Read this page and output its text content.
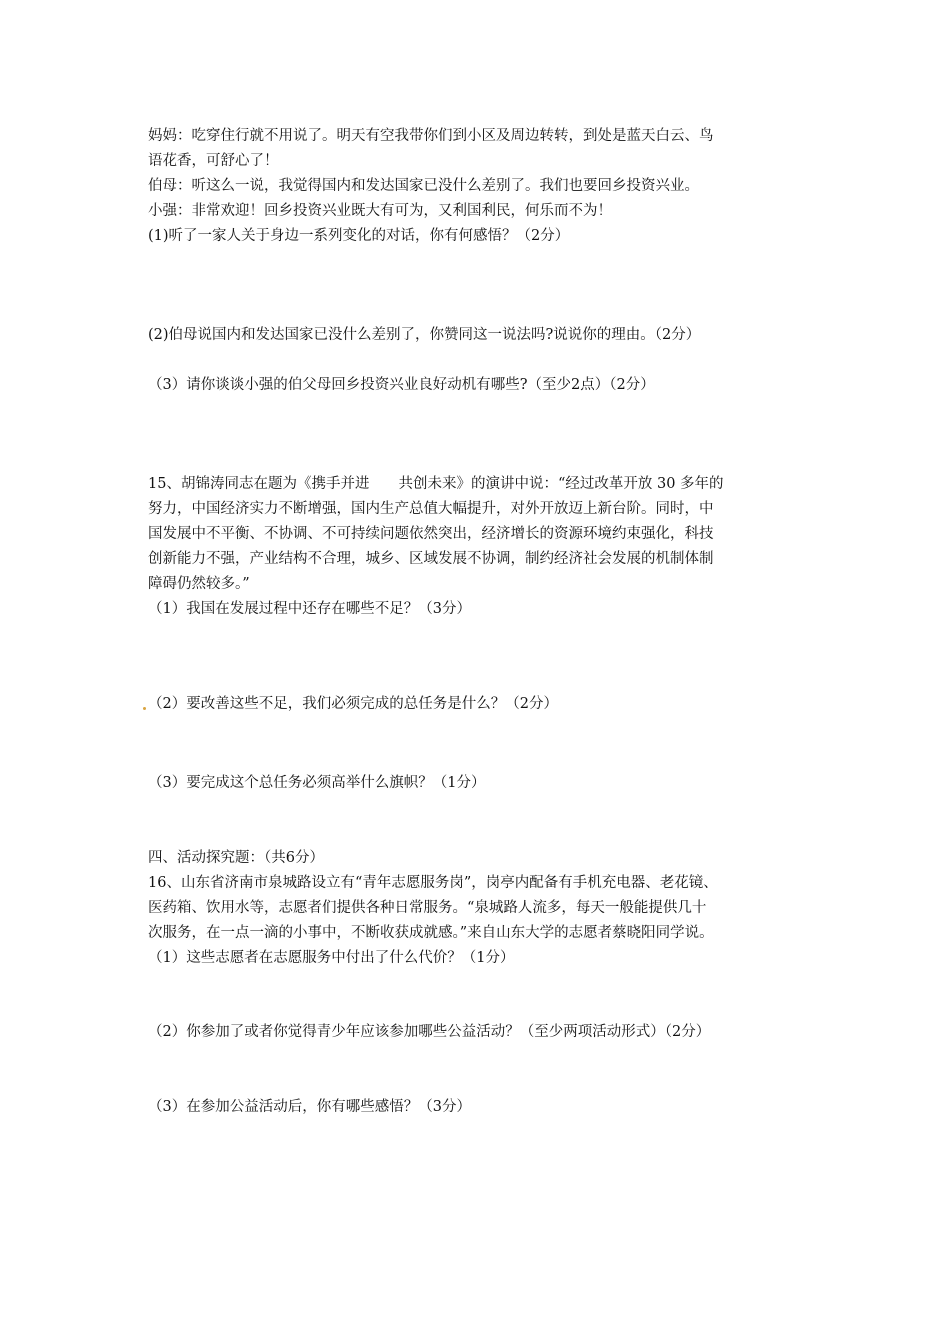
妈妈：吃穿住行就不用说了。明天有空我带你们到小区及周边转转，到处是蓝天白云、鸟
语花香，可舒心了！
伯母：听这么一说，我觉得国内和发达国家已没什么差别了。我们也要回乡投资兴业。
小强：非常欢迎！回乡投资兴业既大有可为，又利国利民，何乐而不为！
(1)听了一家人关于身边一系列变化的对话，你有何感悟？（2分）
(2)伯母说国内和发达国家已没什么差别了，你赞同这一说法吗?说说你的理由。（2分）
（3）请你谈谈小强的伯父母回乡投资兴业良好动机有哪些?（至少2点）（2分）
15、胡锦涛同志在题为《携手并进　　共创未来》的演讲中说：“经过改革开放 30 多年的
努力，中国经济实力不断增强，国内生产总值大幅提升，对外开放迈上新台阶。同时，中
国发展中不平衡、不协调、不可持续问题依然突出，经济增长的资源环境约束强化，科技
创新能力不强，产业结构不合理，城乡、区域发展不协调，制约经济社会发展的机制体制
障碍仍然较多。”
（1）我国在发展过程中还存在哪些不足？（3分）
（2）要改善这些不足，我们必须完成的总任务是什么？（2分）
（3）要完成这个总任务必须高举什么旗帜？（1分）
四、活动探究题：（共6分）
16、山东省济南市泉城路设立有“青年志愿服务岗”，岗亭内配备有手机充电器、老花镜、
医药箱、饮用水等，志愿者们提供各种日常服务。“泉城路人流多，每天一般能提供几十
次服务，在一点一滴的小事中，不断收获成就感。”来自山东大学的志愿者蔡晓阳同学说。
（1）这些志愿者在志愿服务中付出了什么代价？（1分）
（2）你参加了或者你觉得青少年应该参加哪些公益活动？（至少两项活动形式）（2分）
（3）在参加公益活动后，你有哪些感悟？（3分）
